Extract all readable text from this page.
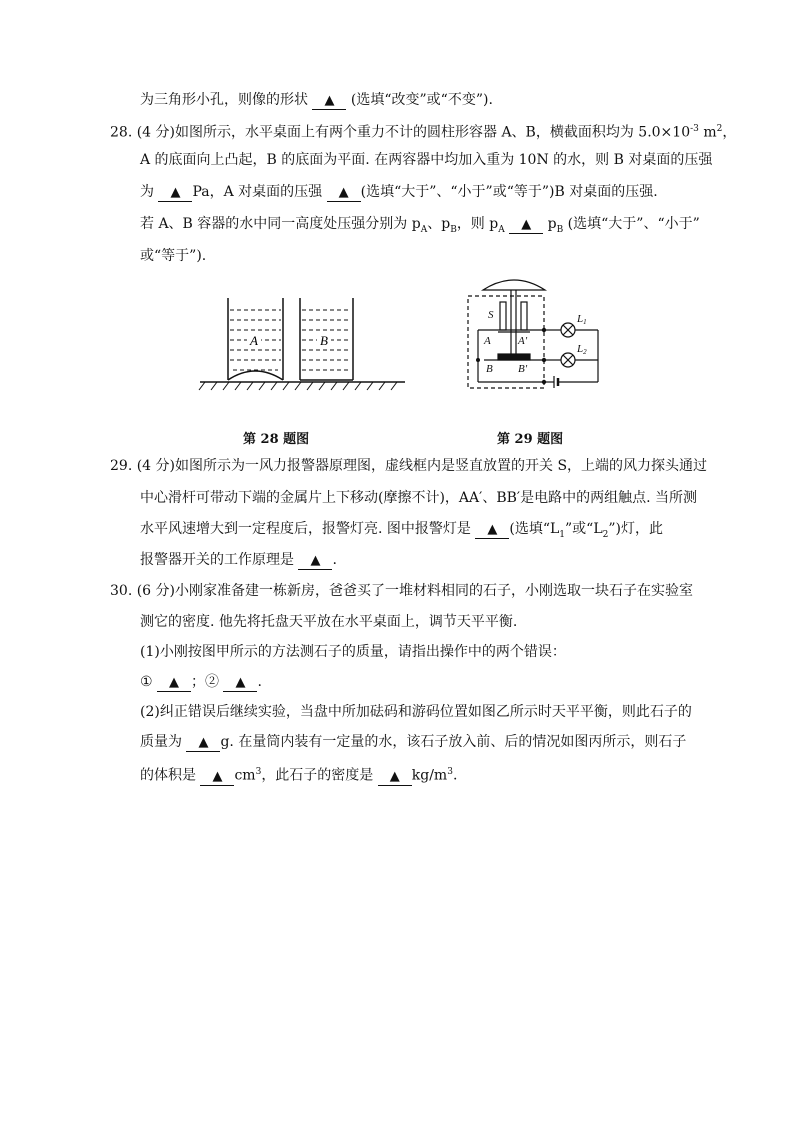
为三角形小孔，则像的形状 ▲ (选填“改变”或“不变”).
28. (4 分)如图所示，水平桌面上有两个重力不计的圆柱形容器 A、B，横截面积均为 $5.0\times 10^{-3}$ $m^2$，
A 的底面向上凸起，B 的底面为平面. 在两容器中均加入重为 10N 的水，则 B 对桌面的压强
为 ▲ Pa，A 对桌面的压强 ▲ (选填“大于”、“小于”或“等于”)B 对桌面的压强.
若 A、B 容器的水中同一高度处压强分别为 $p_A$、$p_B$，则 $p_A$ ▲ $p_B$ (选填“大于”、“小于”
或“等于”).
A	B
第 28 题图
S
A A′
B B′
L1
L2
第 29 题图
29. (4 分)如图所示为一风力报警器原理图，虚线框内是竖直放置的开关 S，上端的风力探头通过
中心滑杆可带动下端的金属片上下移动(摩擦不计)，AA′、BB′是电路中的两组触点. 当所测
水平风速增大到一定程度后，报警灯亮. 图中报警灯是 ▲ (选填“$L_1$”或“$L_2$”)灯，此
报警器开关的工作原理是 ▲ .
30. (6 分)小刚家准备建一栋新房，爸爸买了一堆材料相同的石子，小刚选取一块石子在实验室
测它的密度. 他先将托盘天平放在水平桌面上，调节天平平衡.
(1)小刚按图甲所示的方法测石子的质量，请指出操作中的两个错误：
① ▲ ；② ▲ .
(2)纠正错误后继续实验，当盘中所加砝码和游码位置如图乙所示时天平平衡，则此石子的
质量为 ▲ g. 在量筒内装有一定量的水，该石子放入前、后的情况如图丙所示，则石子
的体积是 ▲ $cm^3$，此石子的密度是 ▲ $kg/m^3$.
